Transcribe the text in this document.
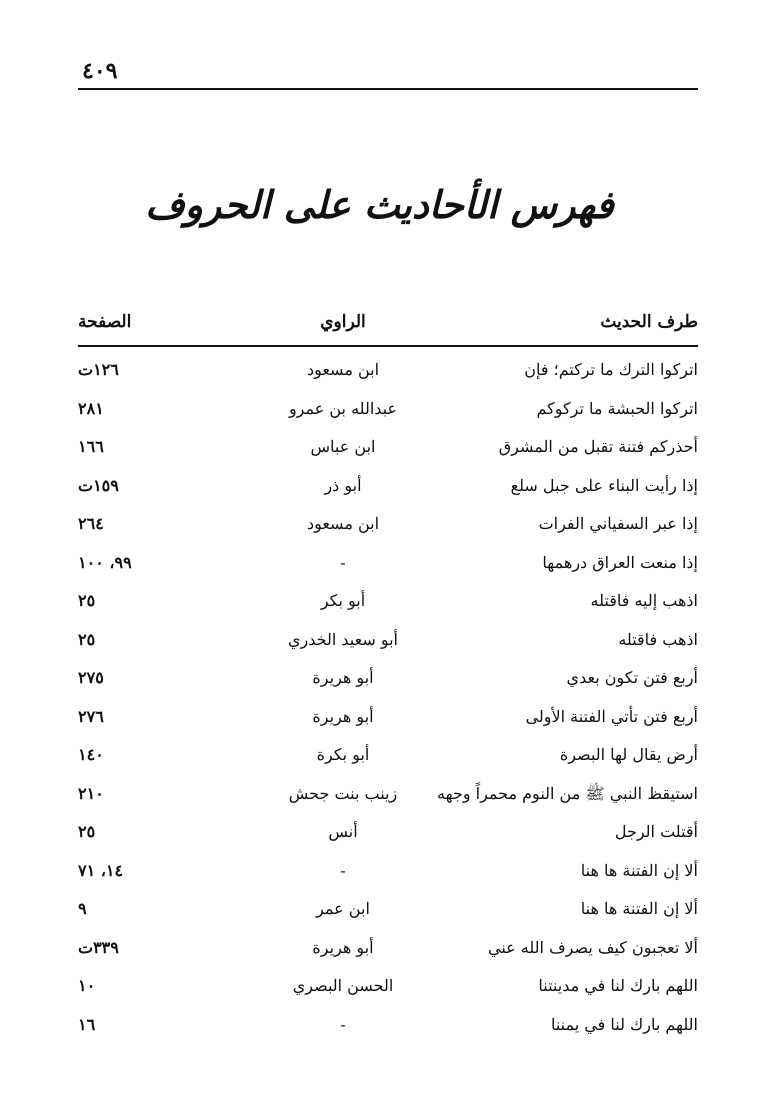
٤٠٩
فهرس الأحاديث على الحروف
طرف الحديث
الراوي
الصفحة
اتركوا الترك ما تركتم؛ فإن
ابن مسعود
١٢٦ت
اتركوا الحبشة ما تركوكم
عبدالله بن عمرو
٢٨١
أحذركم فتنة تقبل من المشرق
ابن عباس
١٦٦
إذا رأيت البناء على جبل سلع
أبو ذر
١٥٩ت
إذا عبر السفياني الفرات
ابن مسعود
٢٦٤
إذا منعت العراق درهمها
-
٩٩، ١٠٠
اذهب إليه فاقتله
أبو بكر
٢٥
اذهب فاقتله
أبو سعيد الخدري
٢٥
أربع فتن تكون بعدي
أبو هريرة
٢٧٥
أربع فتن تأتي الفتنة الأولى
أبو هريرة
٢٧٦
أرض يقال لها البصرة
أبو بكرة
١٤٠
استيقظ النبي ﷺ من النوم محمراً وجهه
زينب بنت جحش
٢١٠
أقتلت الرجل
أنس
٢٥
ألا إن الفتنة ها هنا
-
١٤، ٧١
ألا إن الفتنة ها هنا
ابن عمر
٩
ألا تعجبون كيف يصرف الله عني
أبو هريرة
٣٣٩ت
اللهم بارك لنا في مدينتنا
الحسن البصري
١٠
اللهم بارك لنا في يمننا
-
١٦
